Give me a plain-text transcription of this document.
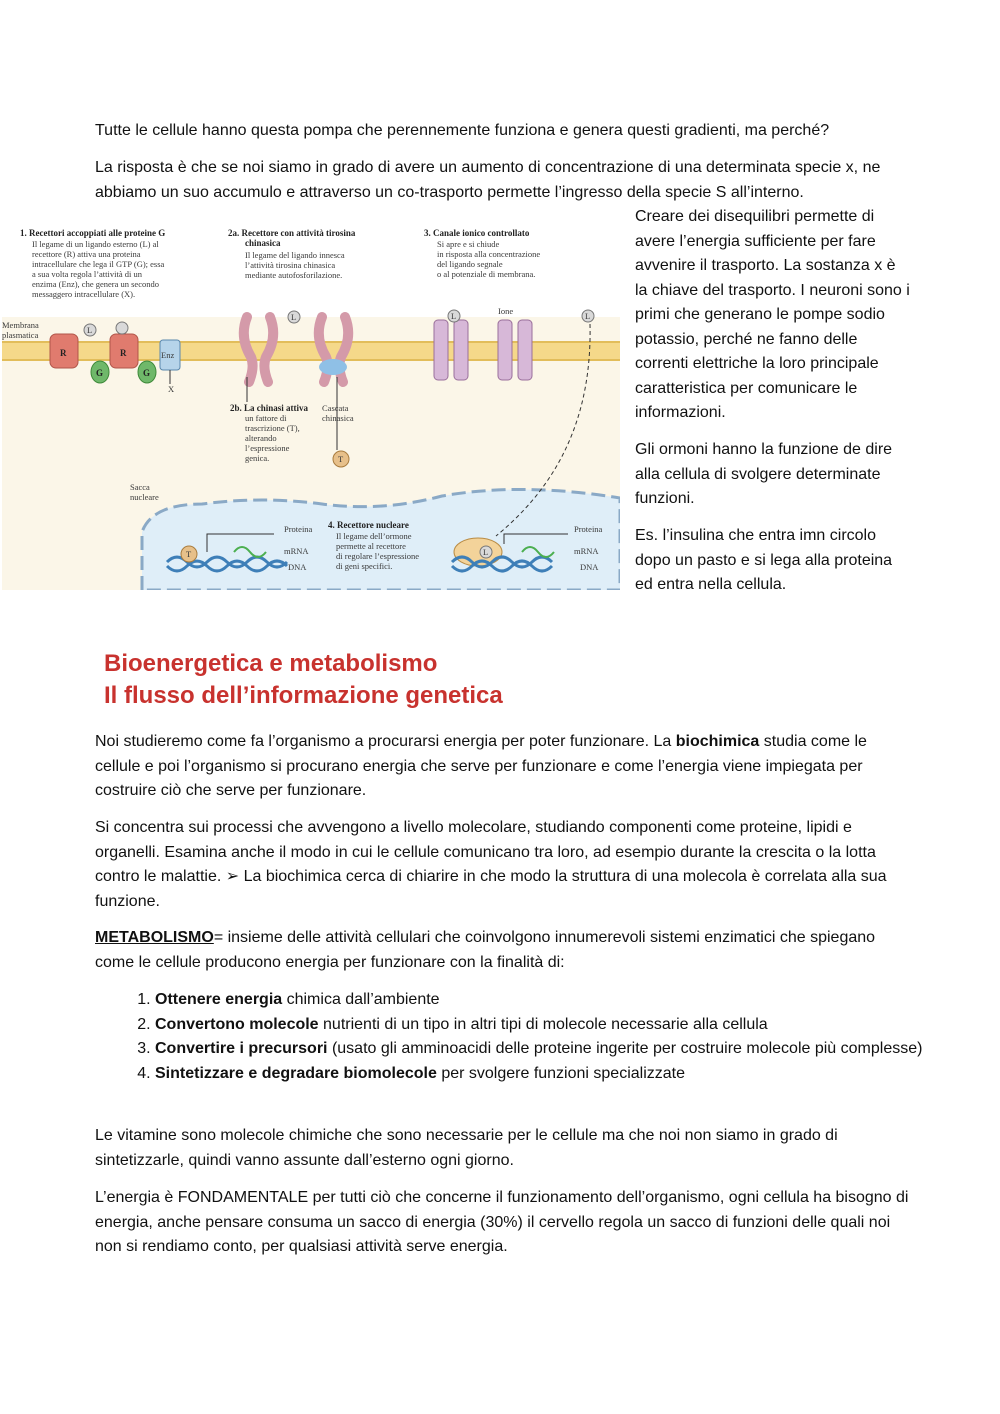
Tutte le cellule hanno questa pompa che perennemente funziona e genera questi gradienti, ma perché?

La risposta è che se noi siamo in grado di avere un aumento di concentrazione di una determinata specie x, ne abbiamo un suo accumulo e attraverso un co-trasporto permette l’ingresso della specie S all’interno.

1. Recettori accoppiati alle proteine G
Il legame di un ligando esterno (L) al
recettore (R) attiva una proteina
intracellulare che lega il GTP (G); essa
a sua volta regola l’attività di un
enzima (Enz), che genera un secondo
messaggero intracellulare (X).
2a. Recettore con attività tirosina
chinasica
Il legame del ligando innesca
l’attività tirosina chinasica
mediante autofosforilazione.
3. Canale ionico controllato
Si apre e si chiude
in risposta alla concentrazione
del ligando segnale
o al potenziale di membrana.
Membrana
plasmatica
R	R
L
G	G
Enz
X
L
T
2b. La chinasi attiva
un fattore di
trascrizione (T),
alterando
l’espressione
genica.
Cascata
chinasica
L	Ione	L
Sacca
nucleare
4. Recettore nucleare
Il legame dell’ormone
permette al recettore
di regolare l’espressione
di geni specifici.
T
Proteina
mRNA
DNA
L
Proteina
mRNA
DNA

Creare dei disequilibri permette di avere l’energia sufficiente per fare avvenire il trasporto. La sostanza x è la chiave del trasporto. I neuroni sono i primi che generano le pompe sodio potassio, perché ne fanno delle correnti elettriche la loro principale caratteristica per comunicare le informazioni.

Gli ormoni hanno la funzione de dire alla cellula di svolgere determinate funzioni.

Es. l’insulina che entra imn circolo dopo un pasto e si lega alla proteina ed entra nella cellula.

Bioenergetica e metabolismo
Il flusso dell’informazione genetica

Noi studieremo come fa l’organismo a procurarsi energia per poter funzionare. La biochimica studia come le cellule e poi l’organismo si procurano energia che serve per funzionare e come l’energia viene impiegata per costruire ciò che serve per funzionare.

Si concentra sui processi che avvengono a livello molecolare, studiando componenti come proteine, lipidi e organelli. Esamina anche il modo in cui le cellule comunicano tra loro, ad esempio durante la crescita o la lotta contro le malattie. ➢ La biochimica cerca di chiarire in che modo la struttura di una molecola è correlata alla sua funzione.

METABOLISMO= insieme delle attività cellulari che coinvolgono innumerevoli sistemi enzimatici che spiegano come le cellule producono energia per funzionare con la finalità di:

1. Ottenere energia chimica dall’ambiente
2. Convertono molecole nutrienti di un tipo in altri tipi di molecole necessarie alla cellula
3. Convertire i precursori (usato gli amminoacidi delle proteine ingerite per costruire molecole più complesse)
4. Sintetizzare e degradare biomolecole per svolgere funzioni specializzate

Le vitamine sono molecole chimiche che sono necessarie per le cellule ma che noi non siamo in grado di sintetizzarle, quindi vanno assunte dall’esterno ogni giorno.

L’energia è FONDAMENTALE per tutti ciò che concerne il funzionamento dell’organismo, ogni cellula ha bisogno di energia, anche pensare consuma un sacco di energia (30%) il cervello regola un sacco di funzioni delle quali noi non si rendiamo conto, per qualsiasi attività serve energia.
